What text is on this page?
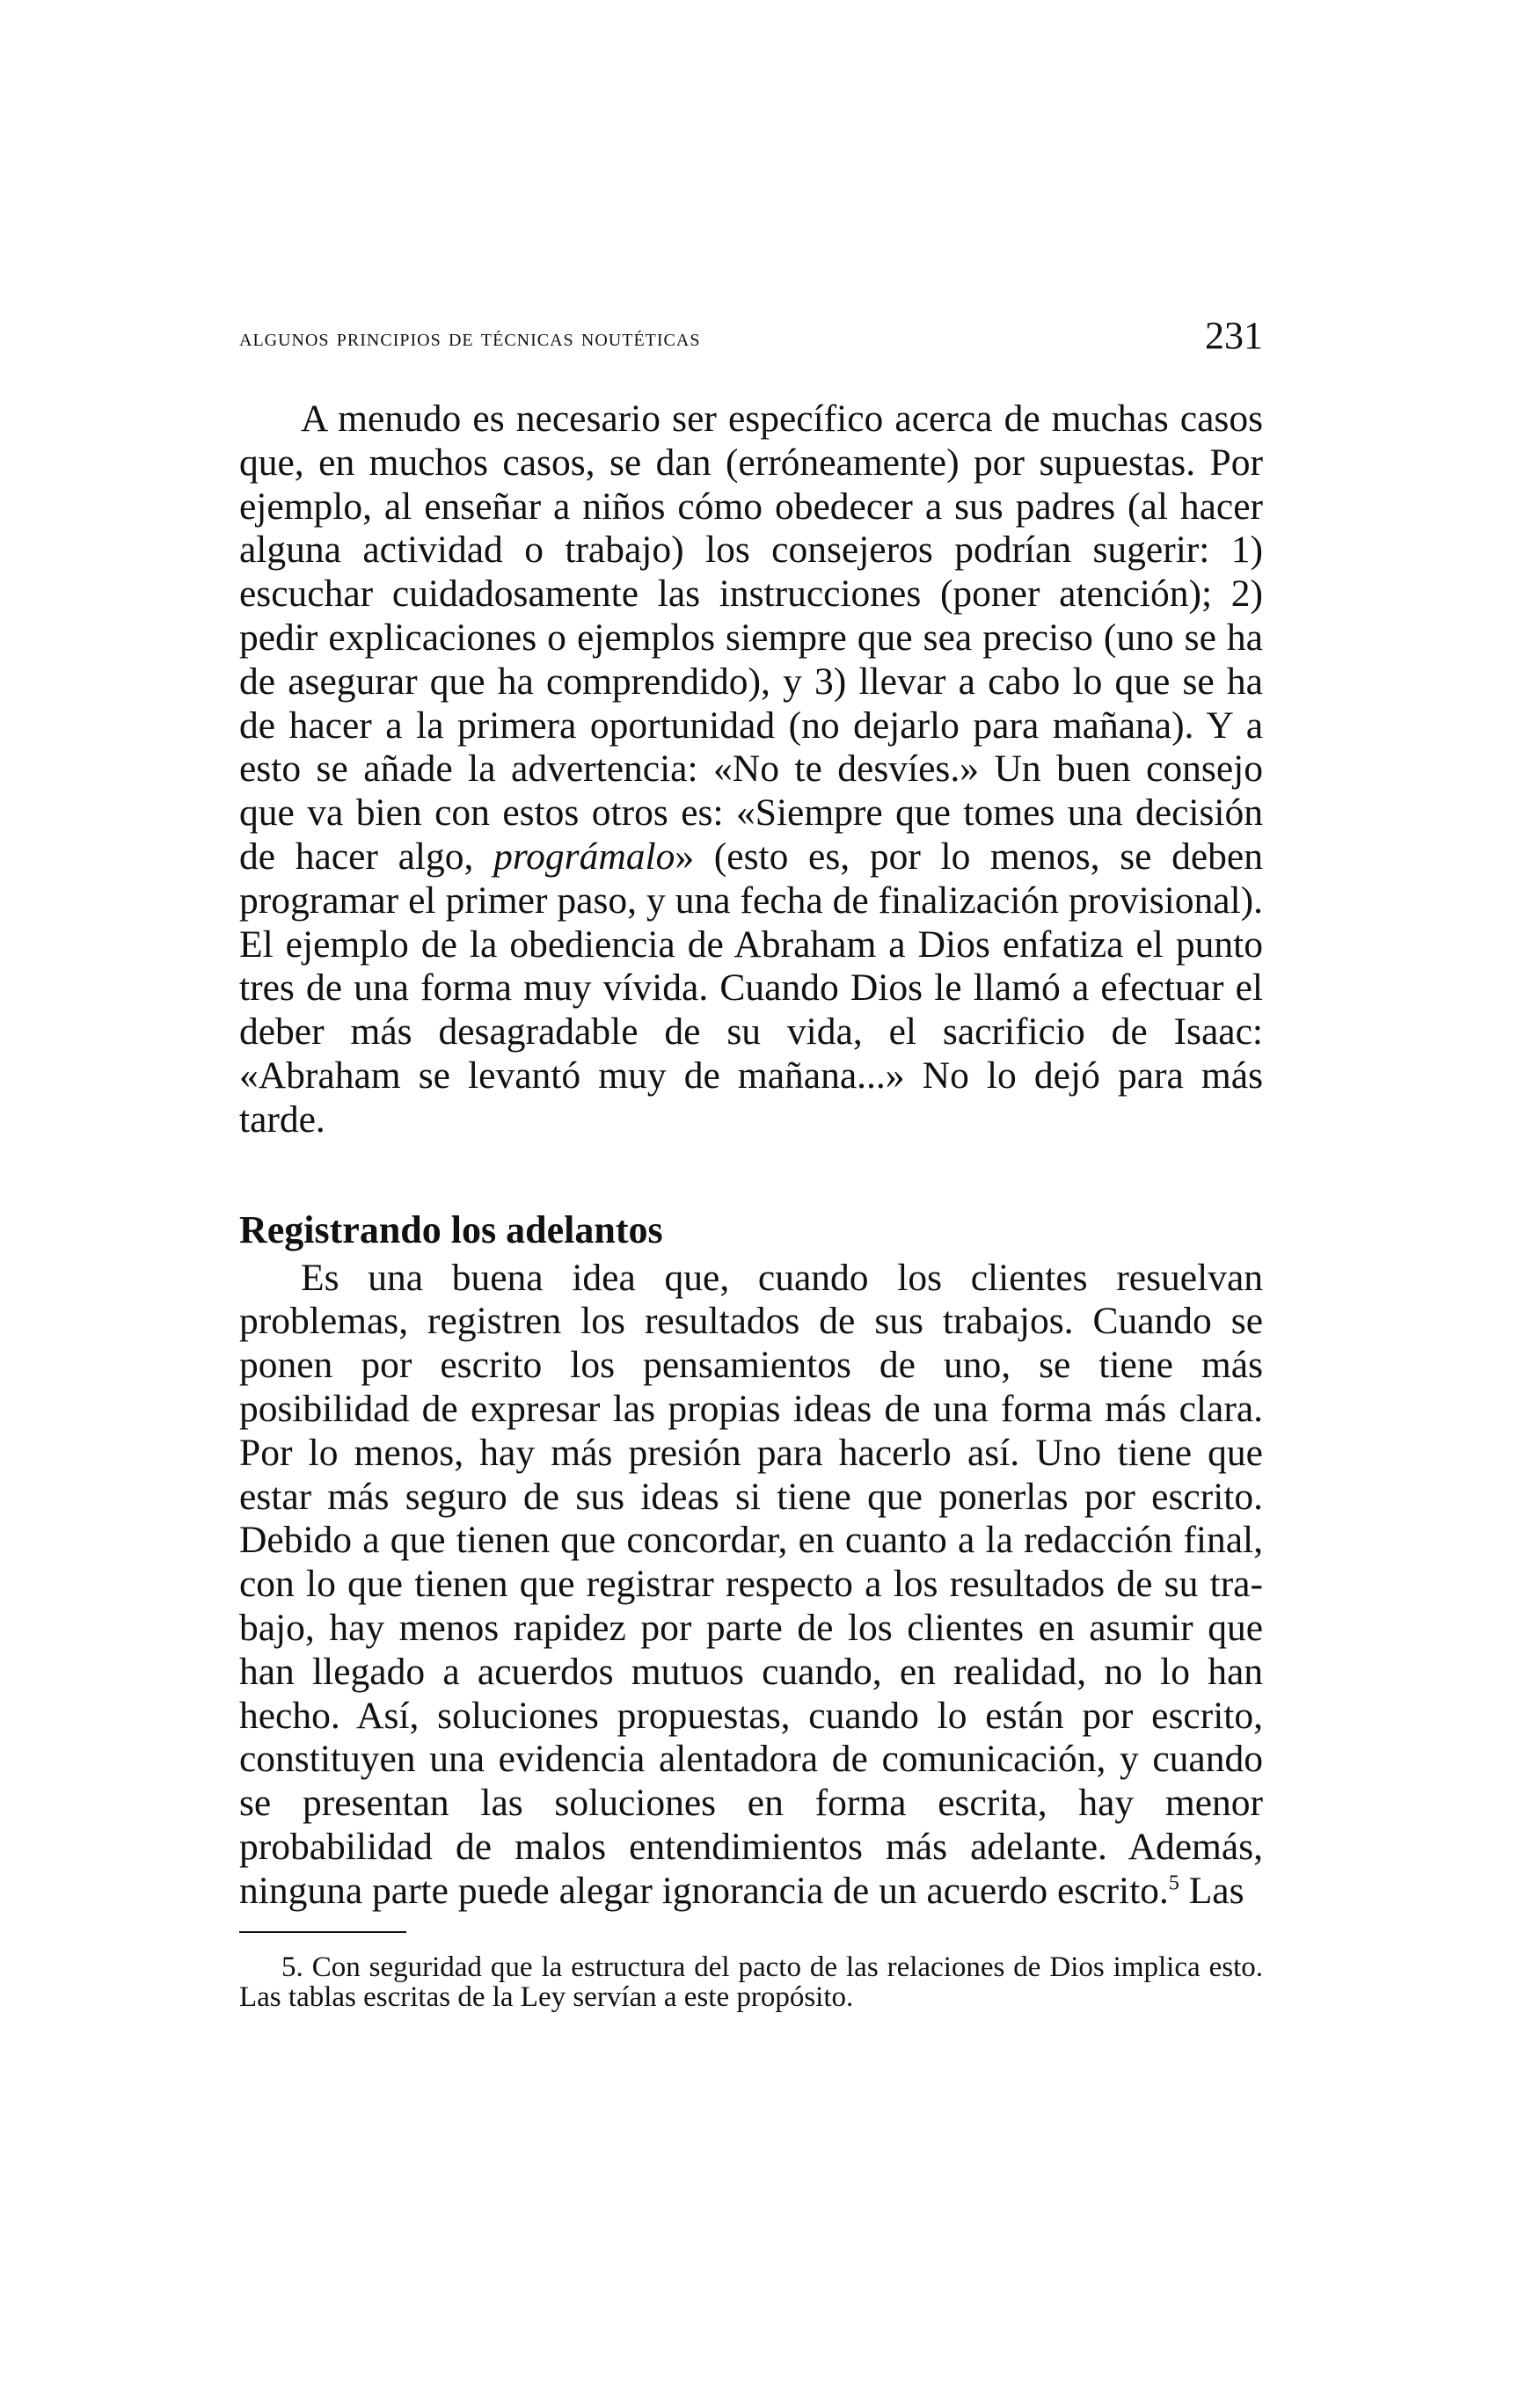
algunos principios de técnicas noutéticas	231

A menudo es necesario ser específico acerca de muchas casos que, en muchos casos, se dan (erróneamente) por supuestas. Por ejemplo, al enseñar a niños cómo obedecer a sus padres (al hacer alguna actividad o trabajo) los consejeros podrían sugerir: 1) escuchar cuidadosamente las instrucciones (poner atención); 2) pedir explicaciones o ejemplos siempre que sea preciso (uno se ha de asegurar que ha comprendido), y 3) llevar a cabo lo que se ha de hacer a la primera oportunidad (no dejarlo para mañana). Y a esto se añade la advertencia: «No te desvíes.» Un buen consejo que va bien con estos otros es: «Siempre que tomes una decisión de hacer algo, prográmalo» (esto es, por lo menos, se deben programar el primer paso, y una fecha de finalización provisional). El ejemplo de la obediencia de Abraham a Dios enfatiza el punto tres de una forma muy vívida. Cuando Dios le llamó a efectuar el deber más desagradable de su vida, el sacrificio de Isaac: «Abraham se levantó muy de mañana...» No lo dejó para más tarde.

Registrando los adelantos

Es una buena idea que, cuando los clientes resuelvan problemas, registren los resultados de sus trabajos. Cuando se ponen por escrito los pensamientos de uno, se tiene más posibilidad de expresar las propias ideas de una forma más clara. Por lo menos, hay más presión para hacerlo así. Uno tiene que estar más seguro de sus ideas si tiene que ponerlas por escrito. Debido a que tienen que concordar, en cuanto a la redacción final, con lo que tienen que registrar respecto a los resultados de su trabajo, hay menos rapidez por parte de los clientes en asumir que han llegado a acuerdos mutuos cuando, en realidad, no lo han hecho. Así, soluciones propuestas, cuando lo están por escrito, constituyen una evidencia alentadora de comunicación, y cuando se presentan las soluciones en forma escrita, hay menor probabilidad de malos entendimientos más adelante. Además, ninguna parte puede alegar ignorancia de un acuerdo escrito.$^5$ Las

5. Con seguridad que la estructura del pacto de las relaciones de Dios implica esto. Las tablas escritas de la Ley servían a este propósito.
